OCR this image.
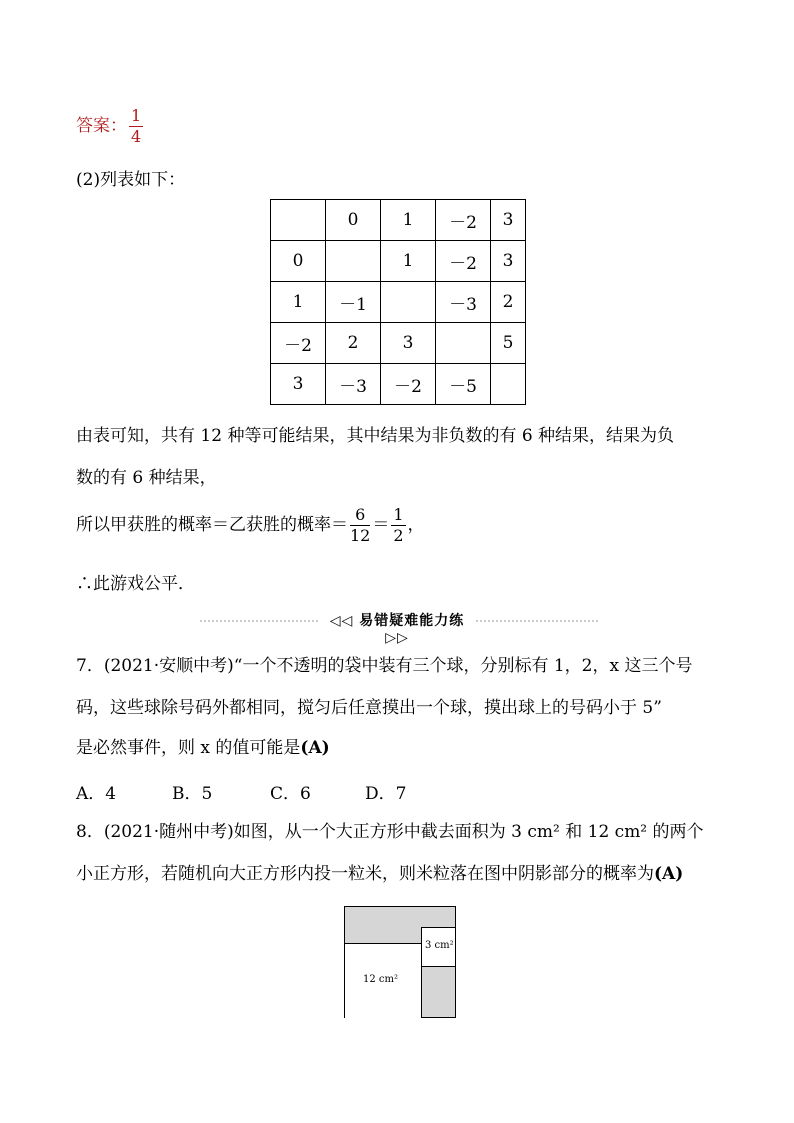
答案： $\frac{1}{4}$
(2)列表如下：
	0	1	－2	3
0		1	－2	3
1	－1		－3	2
－2	2	3		5
3	－3	－2	－5	
由表可知，共有 12 种等可能结果，其中结果为非负数的有 6 种结果，结果为负
数的有 6 种结果，
所以甲获胜的概率＝乙获胜的概率＝ $\frac{6}{12} = \frac{1}{2}$ ，
∴此游戏公平．
◁◁ 易错疑难能力练 ▷▷
7．(2021·安顺中考)“一个不透明的袋中装有三个球，分别标有 1，2，x 这三个号
码，这些球除号码外都相同，搅匀后任意摸出一个球，摸出球上的号码小于 5”
是必然事件，则 x 的值可能是(A)
A．4	B．5	C．6	D．7
8．(2021·随州中考)如图，从一个大正方形中截去面积为 3 cm² 和 12 cm² 的两个
小正方形，若随机向大正方形内投一粒米，则米粒落在图中阴影部分的概率为(A)
12 cm²
3 cm²
